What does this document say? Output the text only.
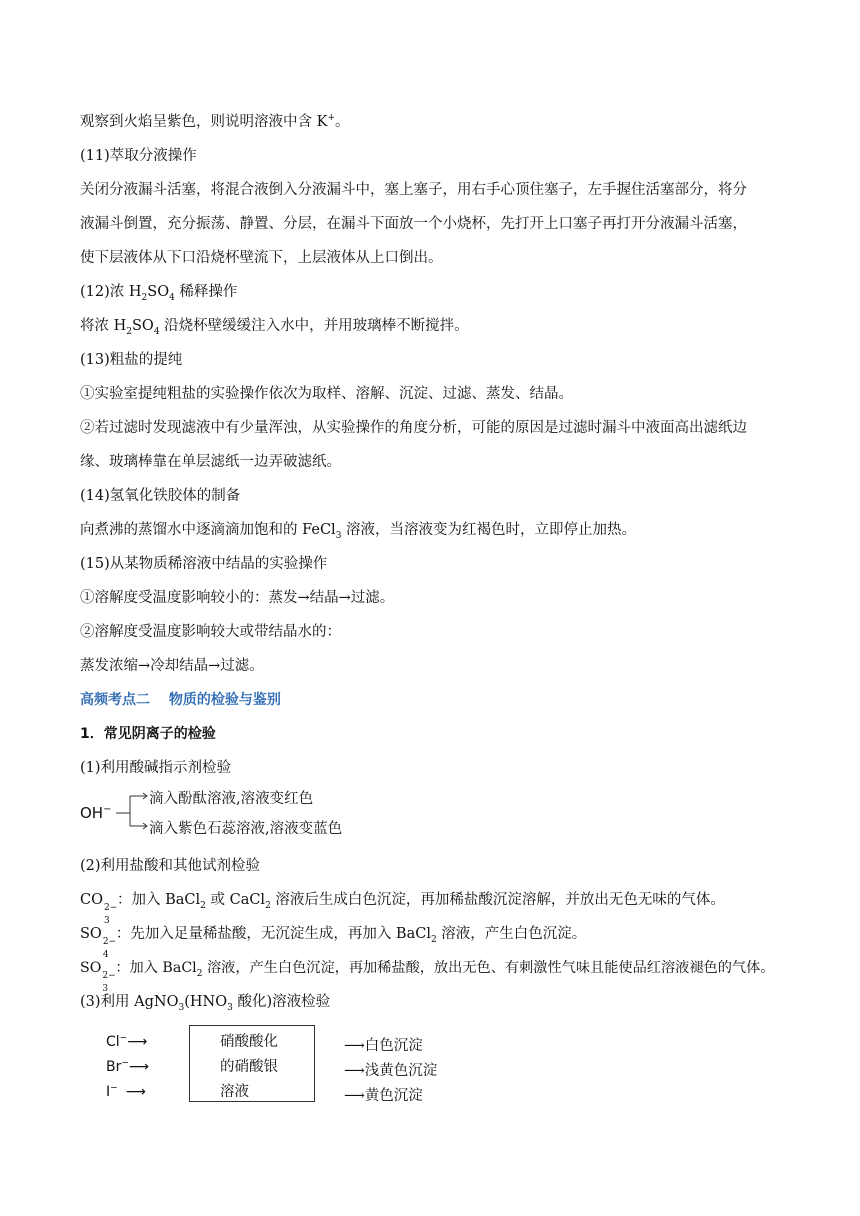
观察到火焰呈紫色，则说明溶液中含 K+。
(11)萃取分液操作
关闭分液漏斗活塞，将混合液倒入分液漏斗中，塞上塞子，用右手心顶住塞子，左手握住活塞部分，将分
液漏斗倒置，充分振荡、静置、分层，在漏斗下面放一个小烧杯，先打开上口塞子再打开分液漏斗活塞，
使下层液体从下口沿烧杯壁流下，上层液体从上口倒出。
(12)浓 $H_2SO_4$ 稀释操作
将浓 $H_2SO_4$ 沿烧杯壁缓缓注入水中，并用玻璃棒不断搅拌。
(13)粗盐的提纯
①实验室提纯粗盐的实验操作依次为取样、溶解、沉淀、过滤、蒸发、结晶。
②若过滤时发现滤液中有少量浑浊，从实验操作的角度分析，可能的原因是过滤时漏斗中液面高出滤纸边
缘、玻璃棒靠在单层滤纸一边弄破滤纸。
(14)氢氧化铁胶体的制备
向煮沸的蒸馏水中逐滴滴加饱和的 FeCl$_3$ 溶液，当溶液变为红褐色时，立即停止加热。
(15)从某物质稀溶液中结晶的实验操作
①溶解度受温度影响较小的：蒸发→结晶→过滤。
②溶解度受温度影响较大或带结晶水的：
蒸发浓缩→冷却结晶→过滤。
高频考点二　 物质的检验与鉴别
1．常见阴离子的检验
(1)利用酸碱指示剂检验
OH−
滴入酚酞溶液,溶液变红色
滴入紫色石蕊溶液,溶液变蓝色
(2)利用盐酸和其他试剂检验
CO 2−
3
：加入 BaCl$_2$ 或 CaCl$_2$ 溶液后生成白色沉淀，再加稀盐酸沉淀溶解，并放出无色无味的气体。
SO 2−
4
：先加入足量稀盐酸，无沉淀生成，再加入 BaCl$_2$ 溶液，产生白色沉淀。
SO 2−
3
：加入 BaCl$_2$ 溶液，产生白色沉淀，再加稀盐酸，放出无色、有刺激性气味且能使品红溶液褪色的气体。
(3)利用 $AgNO_3(HNO_3$ 酸化)溶液检验
Cl−⟶
Br−⟶
I− ⟶
硝酸酸化
的硝酸银
溶液
⟶白色沉淀
⟶浅黄色沉淀
⟶黄色沉淀
